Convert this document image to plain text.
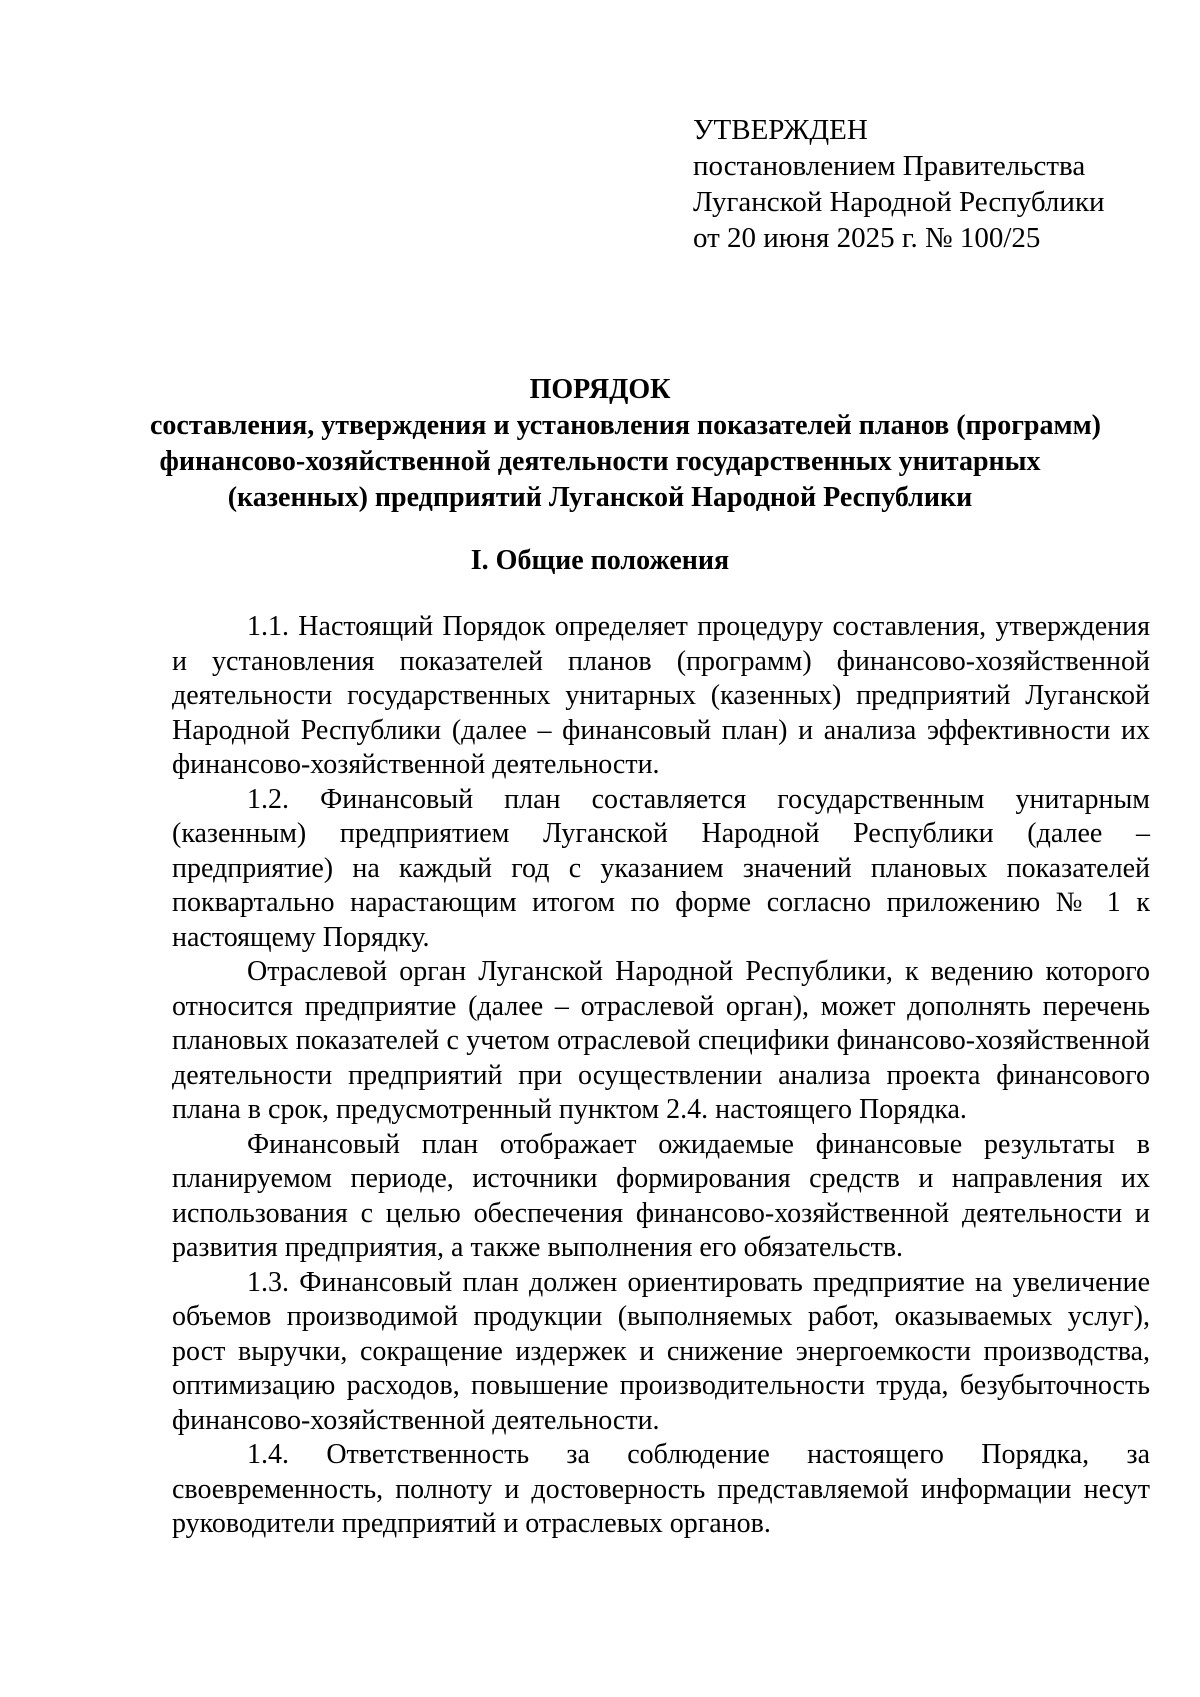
УТВЕРЖДЕН
постановлением Правительства
Луганской Народной Республики
от 20 июня 2025 г. № 100/25
ПОРЯДОК
составления, утверждения и установления показателей планов (программ)
финансово-хозяйственной деятельности государственных унитарных
(казенных) предприятий Луганской Народной Республики
I. Общие положения

1.1. Настоящий Порядок определяет процедуру составления, утверждения и установления показателей планов (программ) финансово-хозяйственной деятельности государственных унитарных (казенных) предприятий Луганской Народной Республики (далее – финансовый план) и анализа эффективности их финансово-хозяйственной деятельности.

1.2. Финансовый план составляется государственным унитарным (казенным) предприятием Луганской Народной Республики (далее – предприятие) на каждый год с указанием значений плановых показателей поквартально нарастающим итогом по форме согласно приложению № 1 к настоящему Порядку.

Отраслевой орган Луганской Народной Республики, к ведению которого относится предприятие (далее – отраслевой орган), может дополнять перечень плановых показателей с учетом отраслевой специфики финансово-хозяйственной деятельности предприятий при осуществлении анализа проекта финансового плана в срок, предусмотренный пунктом 2.4. настоящего Порядка.

Финансовый план отображает ожидаемые финансовые результаты в планируемом периоде, источники формирования средств и направления их использования с целью обеспечения финансово-хозяйственной деятельности и развития предприятия, а также выполнения его обязательств.

1.3. Финансовый план должен ориентировать предприятие на увеличение объемов производимой продукции (выполняемых работ, оказываемых услуг), рост выручки, сокращение издержек и снижение энергоемкости производства, оптимизацию расходов, повышение производительности труда, безубыточность финансово-хозяйственной деятельности.

1.4. Ответственность за соблюдение настоящего Порядка, за своевременность, полноту и достоверность представляемой информации несут руководители предприятий и отраслевых органов.
